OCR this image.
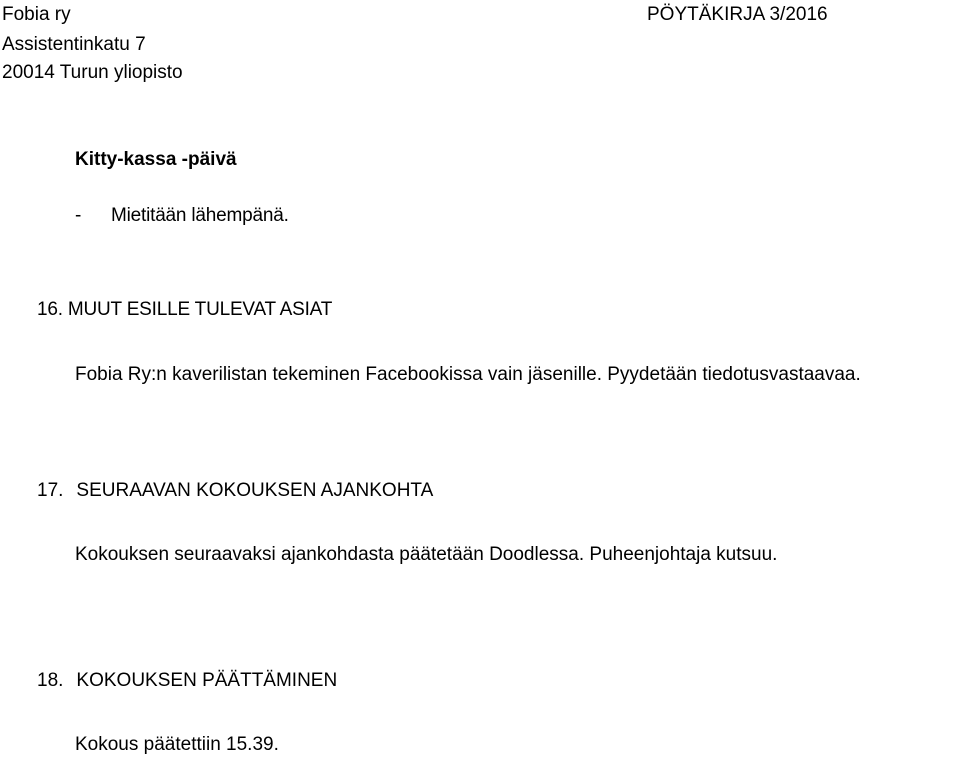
Fobia ry	PÖYTÄKIRJA 3/2016
Assistentinkatu 7
20014 Turun yliopisto
Kitty-kassa -päivä
- Mietitään lähempänä.
16. MUUT ESILLE TULEVAT ASIAT
Fobia Ry:n kaverilistan tekeminen Facebookissa vain jäsenille. Pyydetään tiedotusvastaavaa.
17. SEURAAVAN KOKOUKSEN AJANKOHTA
Kokouksen seuraavaksi ajankohdasta päätetään Doodlessa. Puheenjohtaja kutsuu.
18. KOKOUKSEN PÄÄTTÄMINEN
Kokous päätettiin 15.39.
